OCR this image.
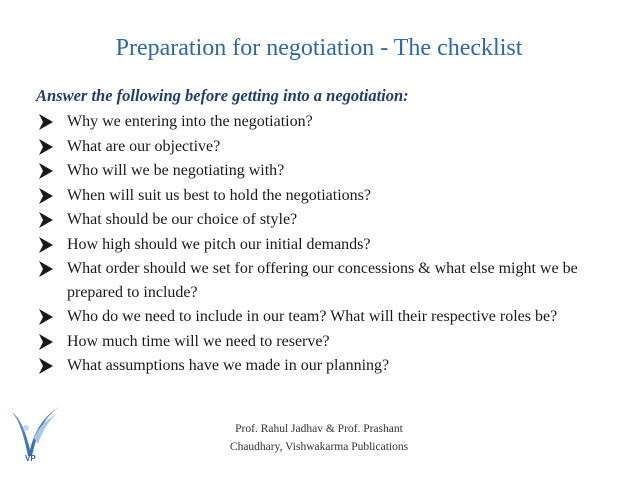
Preparation for negotiation - The checklist
Answer the following before getting into a negotiation:
Why we entering into the negotiation?
What are our objective?
Who will we be negotiating with?
When will suit us best to hold the negotiations?
What should be our choice of style?
How high should we pitch our initial demands?
What order should we set for offering our concessions & what else might we be prepared to include?
Who do we need to include in our team? What will their respective roles be?
How much time will we need to reserve?
What assumptions have we made in our planning?
VP
Prof. Rahul Jadhav & Prof. Prashant
Chaudhary, Vishwakarma Publications
